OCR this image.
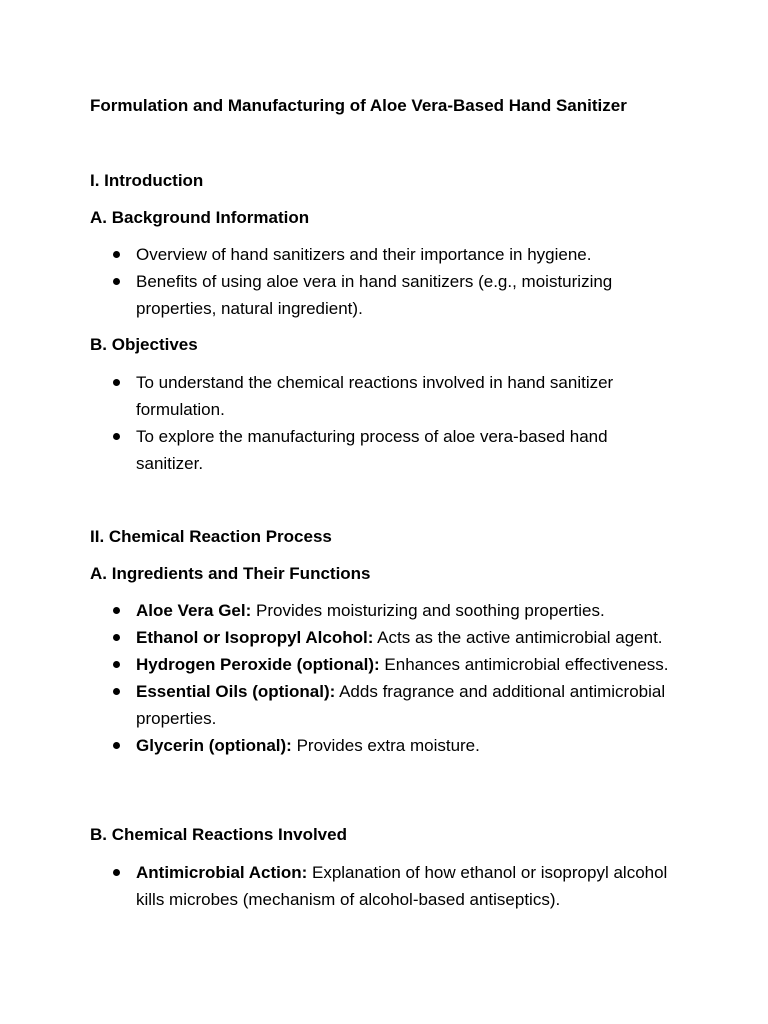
Formulation and Manufacturing of Aloe Vera-Based Hand Sanitizer
I. Introduction
A. Background Information
Overview of hand sanitizers and their importance in hygiene.
Benefits of using aloe vera in hand sanitizers (e.g., moisturizing properties, natural ingredient).
B. Objectives
To understand the chemical reactions involved in hand sanitizer formulation.
To explore the manufacturing process of aloe vera-based hand sanitizer.
II. Chemical Reaction Process
A. Ingredients and Their Functions
Aloe Vera Gel: Provides moisturizing and soothing properties.
Ethanol or Isopropyl Alcohol: Acts as the active antimicrobial agent.
Hydrogen Peroxide (optional): Enhances antimicrobial effectiveness.
Essential Oils (optional): Adds fragrance and additional antimicrobial properties.
Glycerin (optional): Provides extra moisture.
B. Chemical Reactions Involved
Antimicrobial Action: Explanation of how ethanol or isopropyl alcohol kills microbes (mechanism of alcohol-based antiseptics).
